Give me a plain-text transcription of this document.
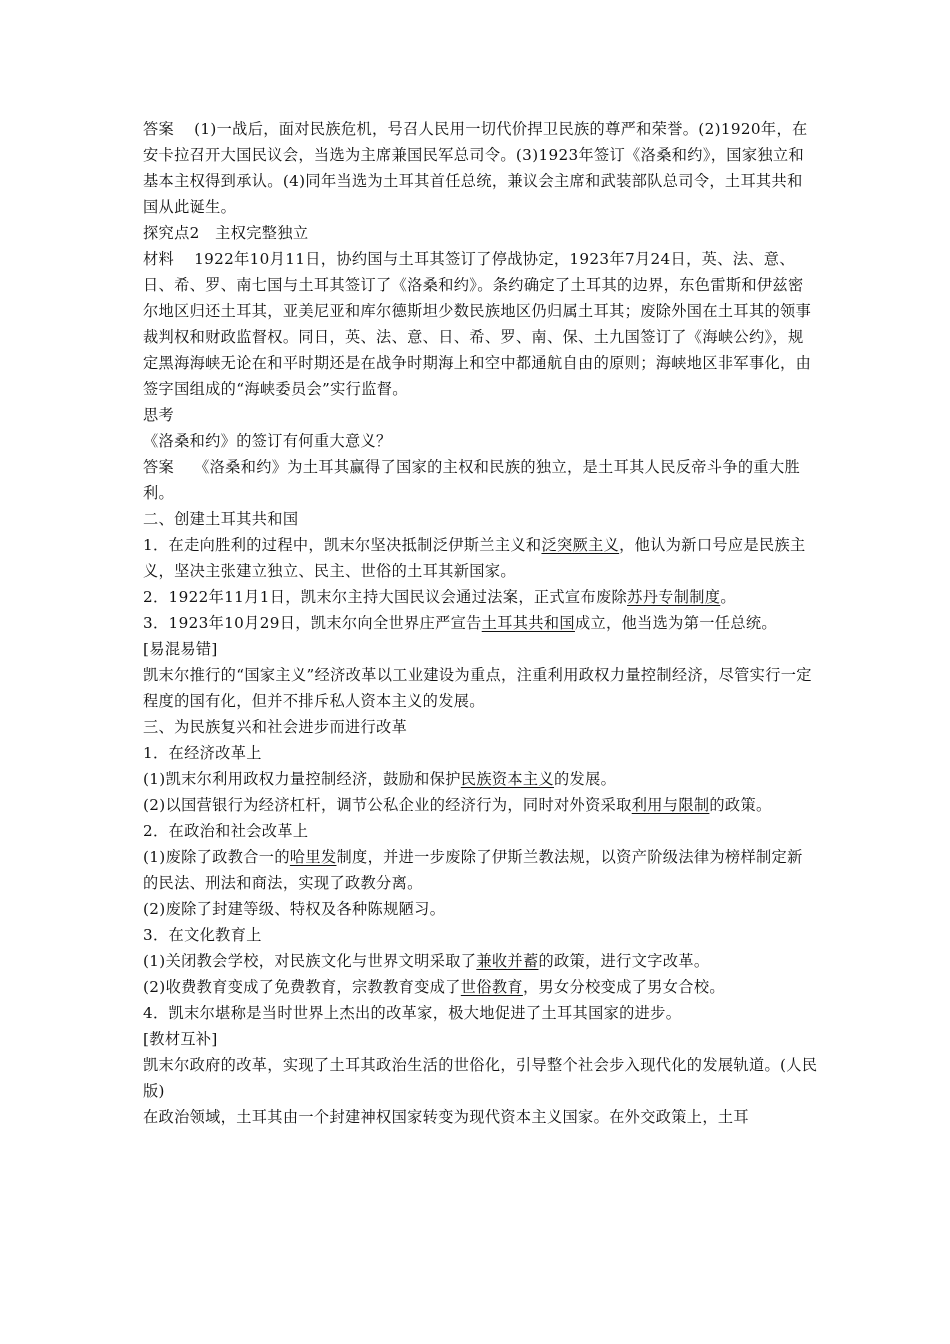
答案 (1)一战后，面对民族危机，号召人民用一切代价捍卫民族的尊严和荣誉。(2)1920年，在安卡拉召开大国民议会，当选为主席兼国民军总司令。(3)1923年签订《洛桑和约》，国家独立和基本主权得到承认。(4)同年当选为土耳其首任总统，兼议会主席和武装部队总司令，土耳其共和国从此诞生。

探究点2　主权完整独立

材料 1922年10月11日，协约国与土耳其签订了停战协定，1923年7月24日，英、法、意、日、希、罗、南七国与土耳其签订了《洛桑和约》。条约确定了土耳其的边界，东色雷斯和伊兹密尔地区归还土耳其，亚美尼亚和库尔德斯坦少数民族地区仍归属土耳其；废除外国在土耳其的领事裁判权和财政监督权。同日，英、法、意、日、希、罗、南、保、土九国签订了《海峡公约》，规定黑海海峡无论在和平时期还是在战争时期海上和空中都通航自由的原则；海峡地区非军事化，由签字国组成的“海峡委员会”实行监督。

思考

《洛桑和约》的签订有何重大意义？

答案 《洛桑和约》为土耳其赢得了国家的主权和民族的独立，是土耳其人民反帝斗争的重大胜利。

二、创建土耳其共和国

1．在走向胜利的过程中，凯末尔坚决抵制泛伊斯兰主义和泛突厥主义，他认为新口号应是民族主义，坚决主张建立独立、民主、世俗的土耳其新国家。

2．1922年11月1日，凯末尔主持大国民议会通过法案，正式宣布废除苏丹专制制度。

3．1923年10月29日，凯末尔向全世界庄严宣告土耳其共和国成立，他当选为第一任总统。

[易混易错]

凯末尔推行的“国家主义”经济改革以工业建设为重点，注重利用政权力量控制经济，尽管实行一定程度的国有化，但并不排斥私人资本主义的发展。

三、为民族复兴和社会进步而进行改革

1．在经济改革上

(1)凯末尔利用政权力量控制经济，鼓励和保护民族资本主义的发展。

(2)以国营银行为经济杠杆，调节公私企业的经济行为，同时对外资采取利用与限制的政策。

2．在政治和社会改革上

(1)废除了政教合一的哈里发制度，并进一步废除了伊斯兰教法规，以资产阶级法律为榜样制定新的民法、刑法和商法，实现了政教分离。

(2)废除了封建等级、特权及各种陈规陋习。

3．在文化教育上

(1)关闭教会学校，对民族文化与世界文明采取了兼收并蓄的政策，进行文字改革。

(2)收费教育变成了免费教育，宗教教育变成了世俗教育，男女分校变成了男女合校。

4．凯末尔堪称是当时世界上杰出的改革家，极大地促进了土耳其国家的进步。

[教材互补]

凯末尔政府的改革，实现了土耳其政治生活的世俗化，引导整个社会步入现代化的发展轨道。(人民版)

在政治领域，土耳其由一个封建神权国家转变为现代资本主义国家。在外交政策上，土耳
